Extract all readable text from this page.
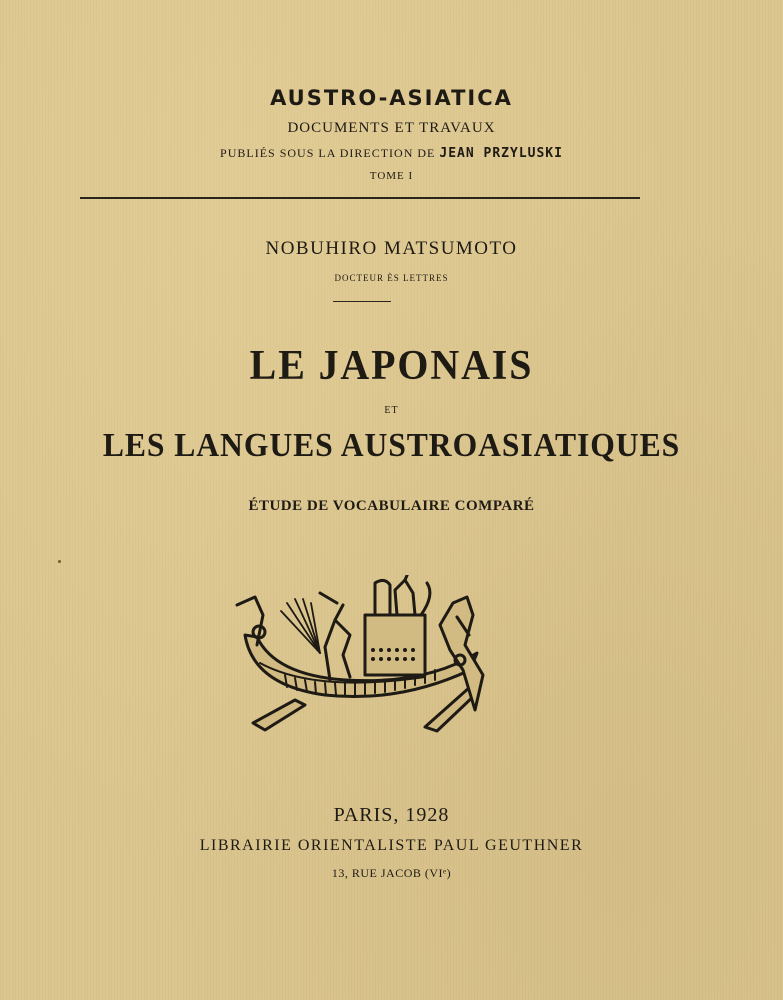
AUSTRO-ASIATICA
DOCUMENTS ET TRAVAUX
PUBLIÉS SOUS LA DIRECTION DE JEAN PRZYLUSKI
TOME I
NOBUHIRO MATSUMOTO
DOCTEUR ÈS LETTRES
LE JAPONAIS
ET
LES LANGUES AUSTROASIATIQUES
ÉTUDE DE VOCABULAIRE COMPARÉ
PARIS, 1928
LIBRAIRIE ORIENTALISTE PAUL GEUTHNER
13, RUE JACOB (VIᵉ)
